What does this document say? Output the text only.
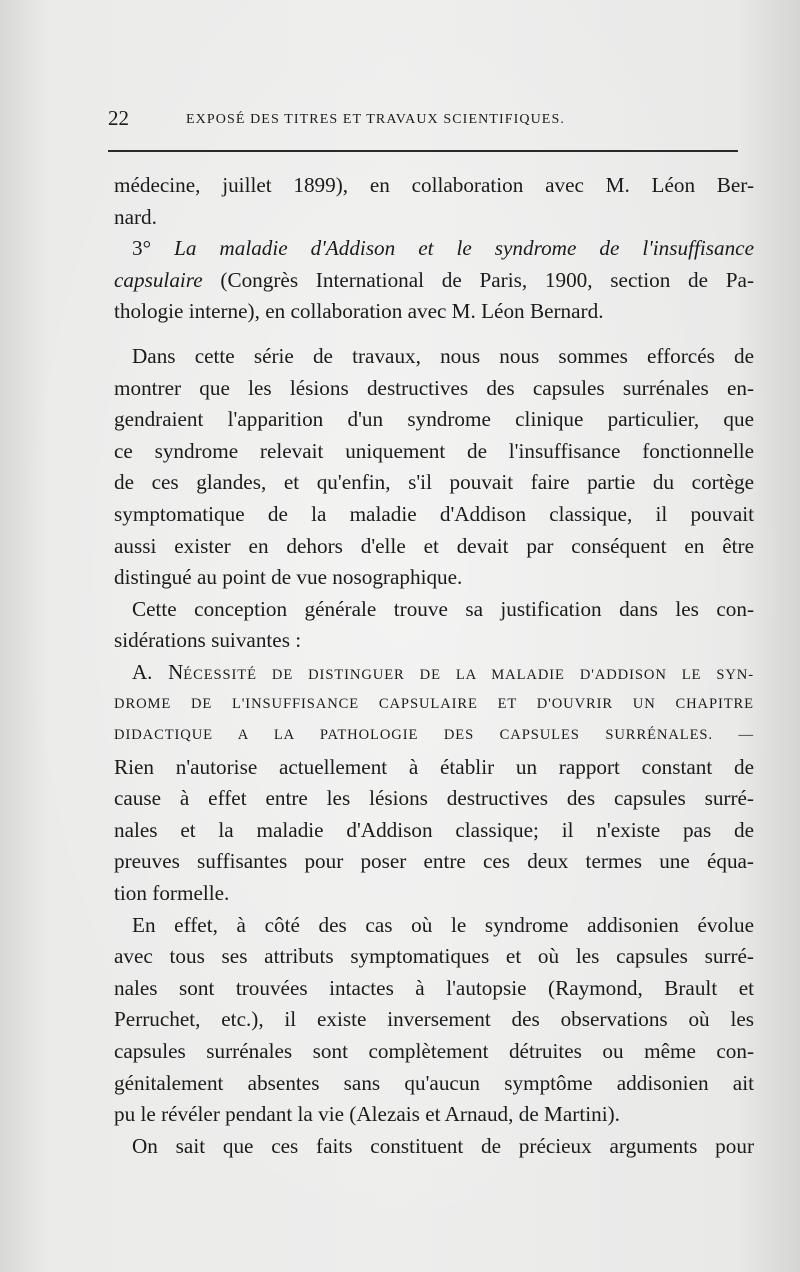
22	EXPOSÉ DES TITRES ET TRAVAUX SCIENTIFIQUES.
médecine, juillet 1899), en collaboration avec M. Léon Ber-
nard.
3° La maladie d'Addison et le syndrome de l'insuffisance
capsulaire (Congrès International de Paris, 1900, section de Pa-
thologie interne), en collaboration avec M. Léon Bernard.
Dans cette série de travaux, nous nous sommes efforcés de
montrer que les lésions destructives des capsules surrénales en-
gendraient l'apparition d'un syndrome clinique particulier, que
ce syndrome relevait uniquement de l'insuffisance fonctionnelle
de ces glandes, et qu'enfin, s'il pouvait faire partie du cortège
symptomatique de la maladie d'Addison classique, il pouvait
aussi exister en dehors d'elle et devait par conséquent en être
distingué au point de vue nosographique.
Cette conception générale trouve sa justification dans les con-
sidérations suivantes :
A. NÉCESSITÉ DE DISTINGUER DE LA MALADIE D'ADDISON LE SYN-
DROME DE L'INSUFFISANCE CAPSULAIRE ET D'OUVRIR UN CHAPITRE
DIDACTIQUE A LA PATHOLOGIE DES CAPSULES SURRÉNALES. —
Rien n'autorise actuellement à établir un rapport constant de
cause à effet entre les lésions destructives des capsules surré-
nales et la maladie d'Addison classique; il n'existe pas de
preuves suffisantes pour poser entre ces deux termes une équa-
tion formelle.
En effet, à côté des cas où le syndrome addisonien évolue
avec tous ses attributs symptomatiques et où les capsules surré-
nales sont trouvées intactes à l'autopsie (Raymond, Brault et
Perruchet, etc.), il existe inversement des observations où les
capsules surrénales sont complètement détruites ou même con-
génitalement absentes sans qu'aucun symptôme addisonien ait
pu le révéler pendant la vie (Alezais et Arnaud, de Martini).
On sait que ces faits constituent de précieux arguments pour
